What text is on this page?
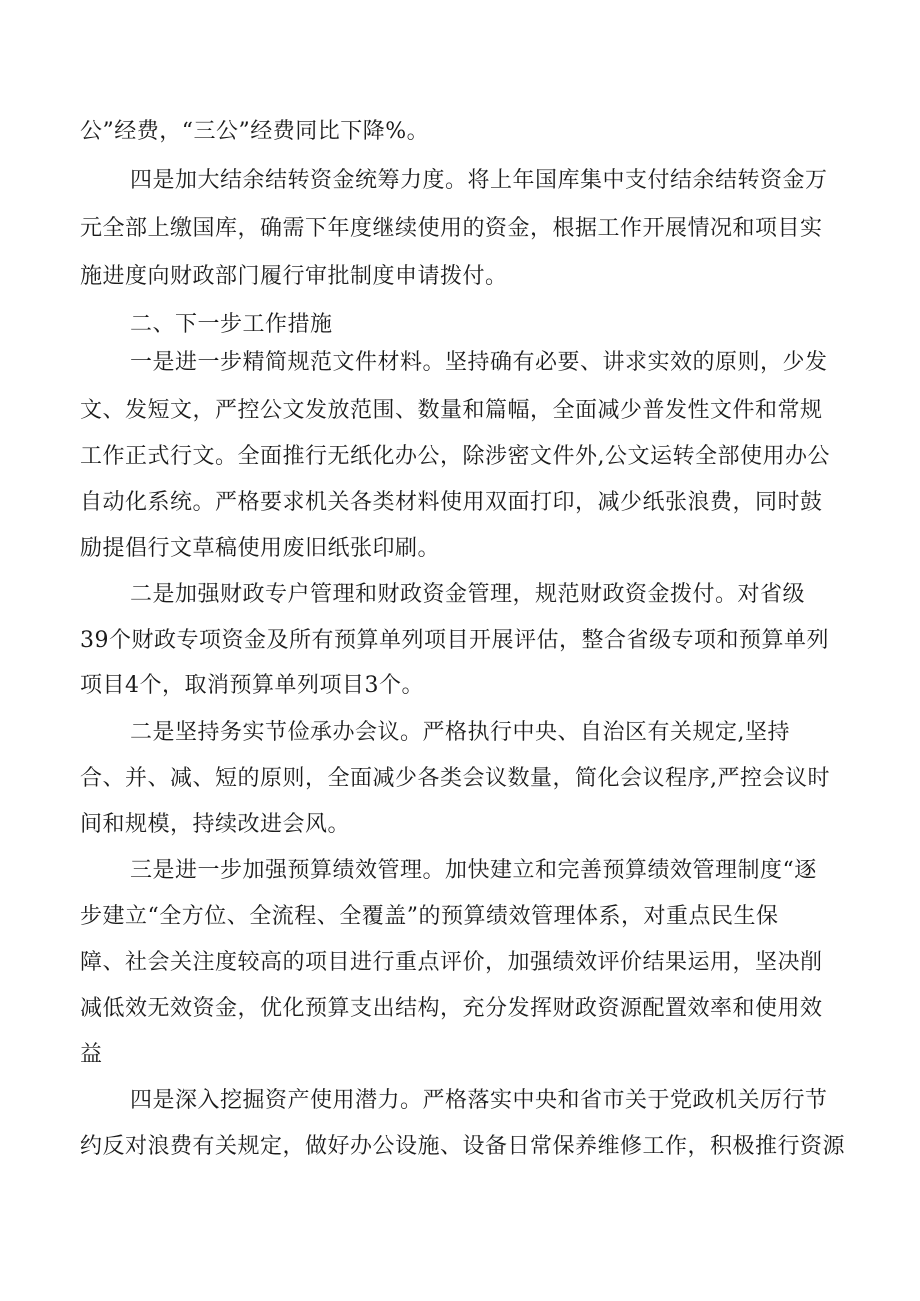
公”经费，“三公”经费同比下降%。
四是加大结余结转资金统筹力度。将上年国库集中支付结余结转资金万
元全部上缴国库，确需下年度继续使用的资金，根据工作开展情况和项目实
施进度向财政部门履行审批制度申请拨付。
二、下一步工作措施
一是进一步精简规范文件材料。坚持确有必要、讲求实效的原则，少发
文、发短文，严控公文发放范围、数量和篇幅，全面减少普发性文件和常规
工作正式行文。全面推行无纸化办公，除涉密文件外,公文运转全部使用办公
自动化系统。严格要求机关各类材料使用双面打印，减少纸张浪费，同时鼓
励提倡行文草稿使用废旧纸张印刷。
二是加强财政专户管理和财政资金管理，规范财政资金拨付。对省级
39个财政专项资金及所有预算单列项目开展评估，整合省级专项和预算单列
项目4个，取消预算单列项目3个。
二是坚持务实节俭承办会议。严格执行中央、自治区有关规定,坚持
合、并、减、短的原则，全面减少各类会议数量，简化会议程序,严控会议时
间和规模，持续改进会风。
三是进一步加强预算绩效管理。加快建立和完善预算绩效管理制度“逐
步建立“全方位、全流程、全覆盖”的预算绩效管理体系，对重点民生保
障、社会关注度较高的项目进行重点评价，加强绩效评价结果运用，坚决削
减低效无效资金，优化预算支出结构，充分发挥财政资源配置效率和使用效
益
四是深入挖掘资产使用潜力。严格落实中央和省市关于党政机关厉行节
约反对浪费有关规定，做好办公设施、设备日常保养维修工作，积极推行资源
